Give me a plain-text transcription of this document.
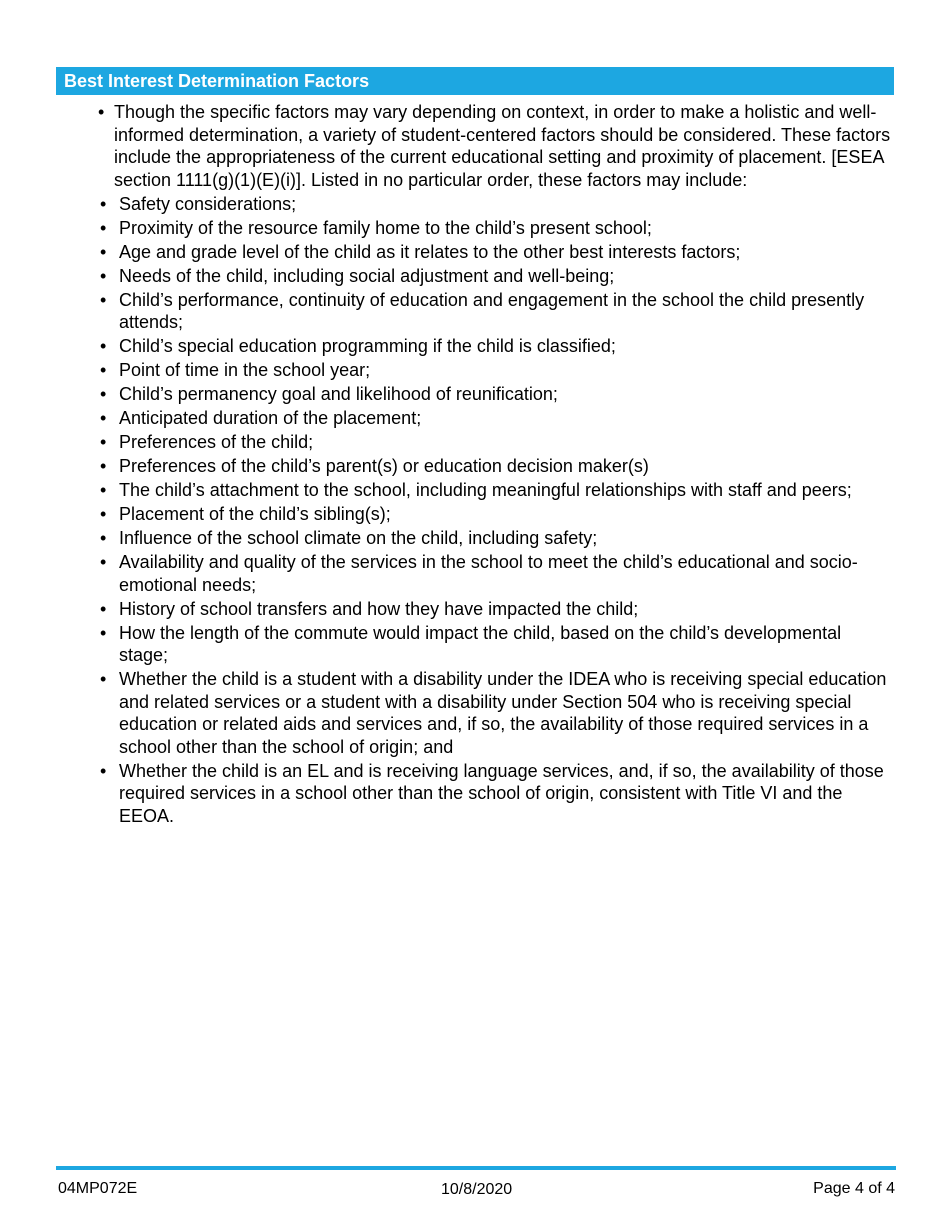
Best Interest Determination Factors
• Though the specific factors may vary depending on context, in order to make a holistic and well-informed determination, a variety of student-centered factors should be considered. These factors include the appropriateness of the current educational setting and proximity of placement. [ESEA section 1111(g)(1)(E)(i)]. Listed in no particular order, these factors may include:
• Safety considerations;
• Proximity of the resource family home to the child’s present school;
• Age and grade level of the child as it relates to the other best interests factors;
• Needs of the child, including social adjustment and well-being;
• Child’s performance, continuity of education and engagement in the school the child presently attends;
• Child’s special education programming if the child is classified;
• Point of time in the school year;
• Child’s permanency goal and likelihood of reunification;
• Anticipated duration of the placement;
• Preferences of the child;
• Preferences of the child’s parent(s) or education decision maker(s)
• The child’s attachment to the school, including meaningful relationships with staff and peers;
• Placement of the child’s sibling(s);
• Influence of the school climate on the child, including safety;
• Availability and quality of the services in the school to meet the child’s educational and socio-emotional needs;
• History of school transfers and how they have impacted the child;
• How the length of the commute would impact the child, based on the child’s developmental stage;
• Whether the child is a student with a disability under the IDEA who is receiving special education and related services or a student with a disability under Section 504 who is receiving special education or related aids and services and, if so, the availability of those required services in a school other than the school of origin; and
• Whether the child is an EL and is receiving language services, and, if so, the availability of those required services in a school other than the school of origin, consistent with Title VI and the EEOA.
04MP072E	10/8/2020	Page 4 of 4
